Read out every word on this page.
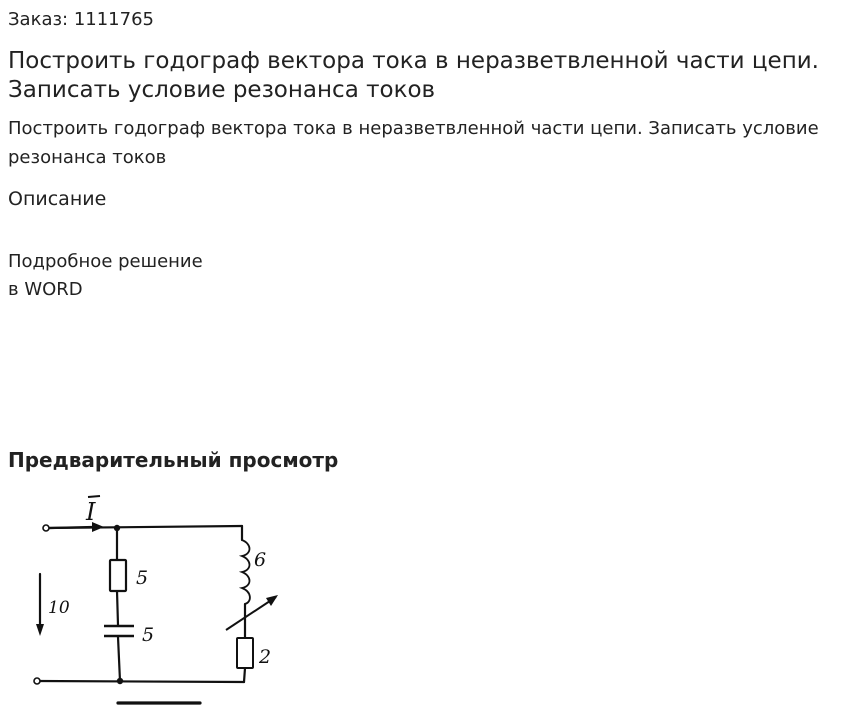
Заказ: 1111765
Построить годограф вектора тока в неразветвленной части цепи. Записать условие резонанса токов

Построить годограф вектора тока в неразветвленной части цепи. Записать условие резонанса токов

Описание
Подробное решение
в WORD
Предварительный просмотр
I
10
5
5
6
2
